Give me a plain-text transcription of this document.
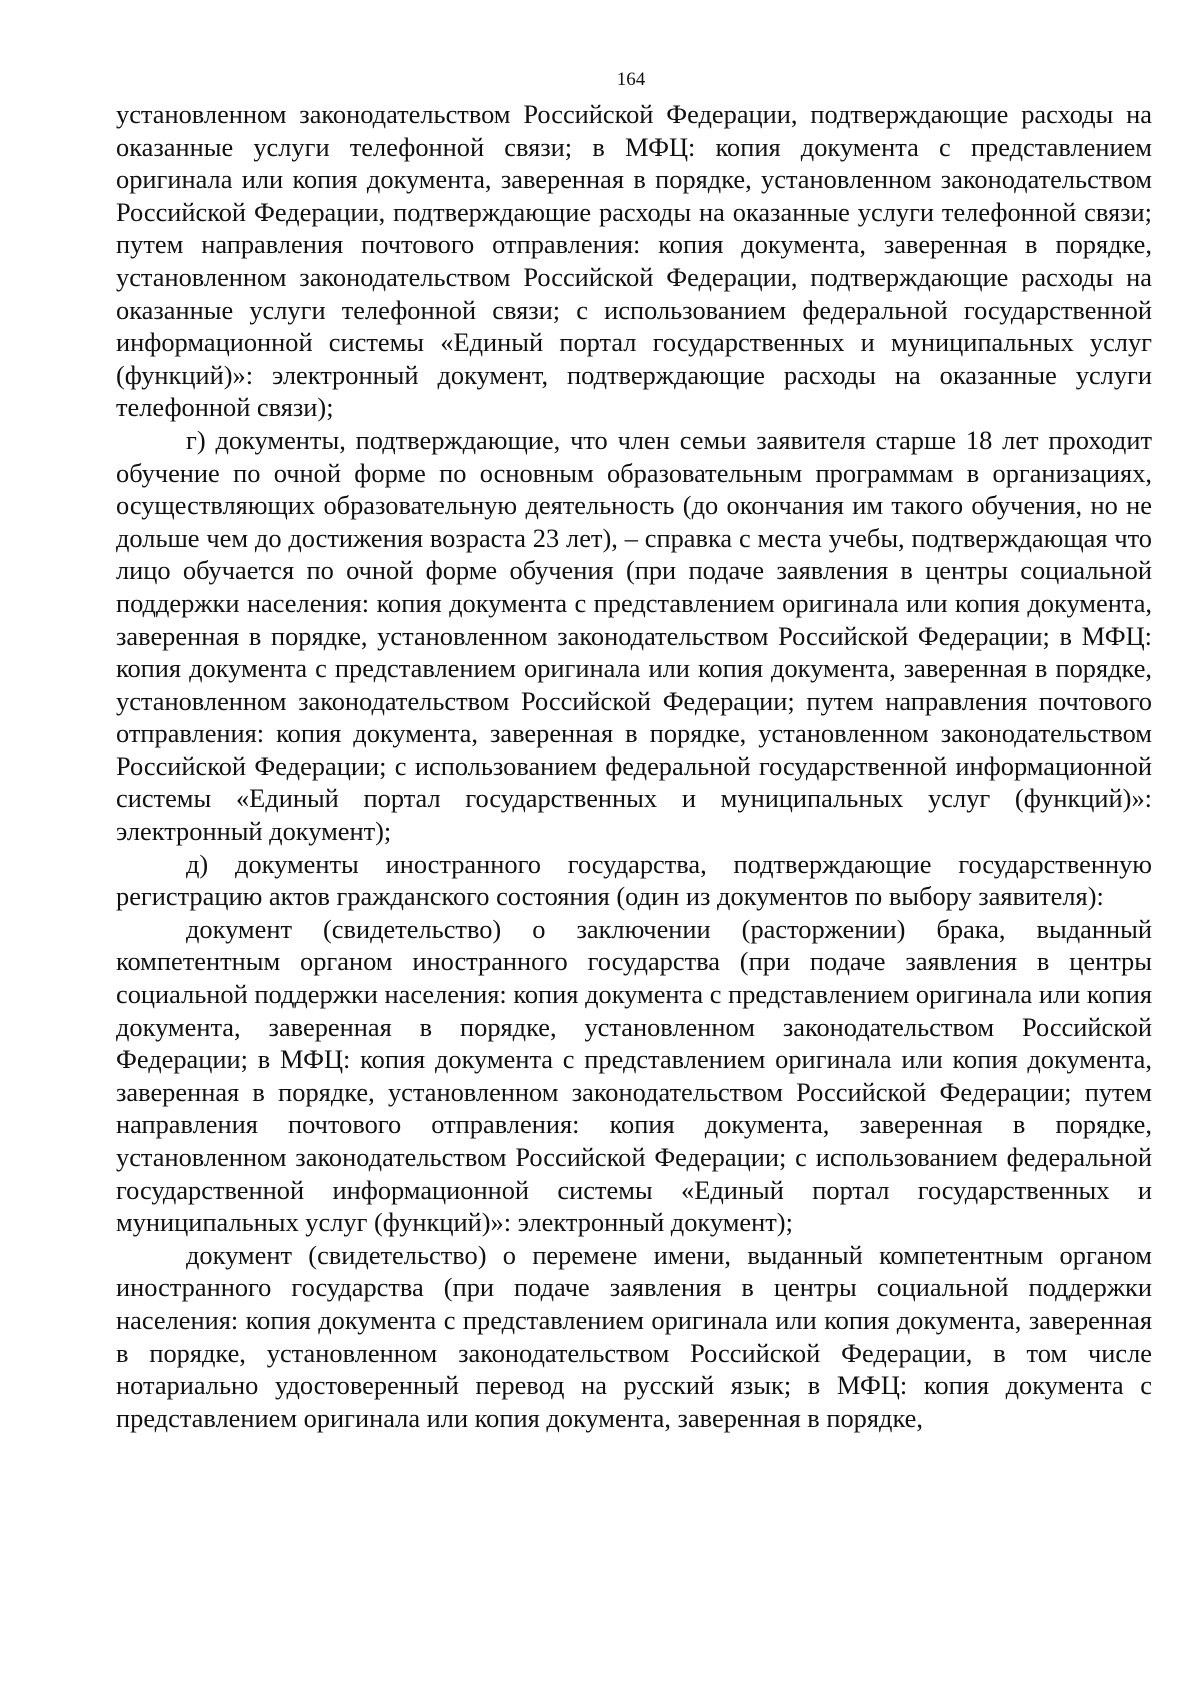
164

установленном законодательством Российской Федерации, подтверждающие расходы на оказанные услуги телефонной связи; в МФЦ: копия документа с представлением оригинала или копия документа, заверенная в порядке, установленном законодательством Российской Федерации, подтверждающие расходы на оказанные услуги телефонной связи; путем направления почтового отправления: копия документа, заверенная в порядке, установленном законодательством Российской Федерации, подтверждающие расходы на оказанные услуги телефонной связи; с использованием федеральной государственной информационной системы «Единый портал государственных и муниципальных услуг (функций)»: электронный документ, подтверждающие расходы на оказанные услуги телефонной связи);

г) документы, подтверждающие, что член семьи заявителя старше 18 лет проходит обучение по очной форме по основным образовательным программам в организациях, осуществляющих образовательную деятельность (до окончания им такого обучения, но не дольше чем до достижения возраста 23 лет), – справка с места учебы, подтверждающая что лицо обучается по очной форме обучения (при подаче заявления в центры социальной поддержки населения: копия документа с представлением оригинала или копия документа, заверенная в порядке, установленном законодательством Российской Федерации; в МФЦ: копия документа с представлением оригинала или копия документа, заверенная в порядке, установленном законодательством Российской Федерации; путем направления почтового отправления: копия документа, заверенная в порядке, установленном законодательством Российской Федерации; с использованием федеральной государственной информационной системы «Единый портал государственных и муниципальных услуг (функций)»: электронный документ);

д) документы иностранного государства, подтверждающие государственную регистрацию актов гражданского состояния (один из документов по выбору заявителя):

документ (свидетельство) о заключении (расторжении) брака, выданный компетентным органом иностранного государства (при подаче заявления в центры социальной поддержки населения: копия документа с представлением оригинала или копия документа, заверенная в порядке, установленном законодательством Российской Федерации; в МФЦ: копия документа с представлением оригинала или копия документа, заверенная в порядке, установленном законодательством Российской Федерации; путем направления почтового отправления: копия документа, заверенная в порядке, установленном законодательством Российской Федерации; с использованием федеральной государственной информационной системы «Единый портал государственных и муниципальных услуг (функций)»: электронный документ);

документ (свидетельство) о перемене имени, выданный компетентным органом иностранного государства (при подаче заявления в центры социальной поддержки населения: копия документа с представлением оригинала или копия документа, заверенная в порядке, установленном законодательством Российской Федерации, в том числе нотариально удостоверенный перевод на русский язык; в МФЦ: копия документа с представлением оригинала или копия документа, заверенная в порядке,
